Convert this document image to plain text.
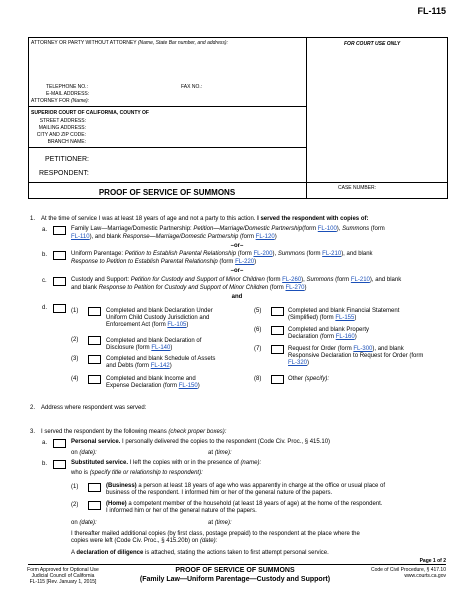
FL-115
ATTORNEY OR PARTY WITHOUT ATTORNEY (Name, State Bar number, and address):	FOR COURT USE ONLY
TELEPHONE NO.:	FAX NO.:
E-MAIL ADDRESS:
ATTORNEY FOR (Name):
SUPERIOR COURT OF CALIFORNIA, COUNTY OF
STREET ADDRESS:
MAILING ADDRESS:
CITY AND ZIP CODE:
BRANCH NAME:
PETITIONER:
RESPONDENT:
PROOF OF SERVICE OF SUMMONS	CASE NUMBER:
1. At the time of service I was at least 18 years of age and not a party to this action. I served the respondent with copies of:
a.	Family Law—Marriage/Domestic Partnership: Petition—Marriage/Domestic Partnership(form FL-100), Summons (form
FL-110), and blank Response—Marriage/Domestic Partnership (form FL-120)
–or–
b.	Uniform Parentage: Petition to Establish Parental Relationship (form FL-200), Summons (form FL-210), and blank
Response to Petition to Establish Parental Relationship (form FL-220)
–or–
c.	Custody and Support: Petition for Custody and Support of Minor Children (form FL-260), Summons (form FL-210), and blank
and blank Response to Petition for Custody and Support of Minor Children (form FL-270)
and
d.	(1)	Completed and blank Declaration Under
Uniform Child Custody Jurisdiction and
Enforcement Act (form FL-105)
(2)	Completed and blank Declaration of
Disclosure (form FL-140)
(3)	Completed and blank Schedule of Assets
and Debts (form FL-142)
(4)	Completed and blank Income and
Expense Declaration (form FL-150)
(5)	Completed and blank Financial Statement
(Simplified) (form FL-155)
(6)	Completed and blank Property
Declaration (form FL-160)
(7)	Request for Order (form FL-300), and blank
Responsive Declaration to Request for Order (form
FL-320)
(8)	Other (specify):
2. Address where respondent was served:
3. I served the respondent by the following means (check proper boxes):
a.	Personal service. I personally delivered the copies to the respondent (Code Civ. Proc., § 415.10)
on (date):	at (time):
b.	Substituted service. I left the copies with or in the presence of (name):
who is (specify title or relationship to respondent):
(1)	(Business) a person at least 18 years of age who was apparently in charge at the office or usual place of
business of the respondent. I informed him or her of the general nature of the papers.
(2)	(Home) a competent member of the household (at least 18 years of age) at the home of the respondent.
I informed him or her of the general nature of the papers.
on (date):	at (time):
I thereafter mailed additional copies (by first class, postage prepaid) to the respondent at the place where the
copies were left (Code Civ. Proc., § 415.20b) on (date):
A declaration of diligence is attached, stating the actions taken to first attempt personal service.
Page 1 of 2
Form Approved for Optional Use
Judicial Council of California
FL-115 [Rev. January 1, 2015]
PROOF OF SERVICE OF SUMMONS
(Family Law—Uniform Parentage—Custody and Support)
Code of Civil Procedure, § 417.10
www.courts.ca.gov
